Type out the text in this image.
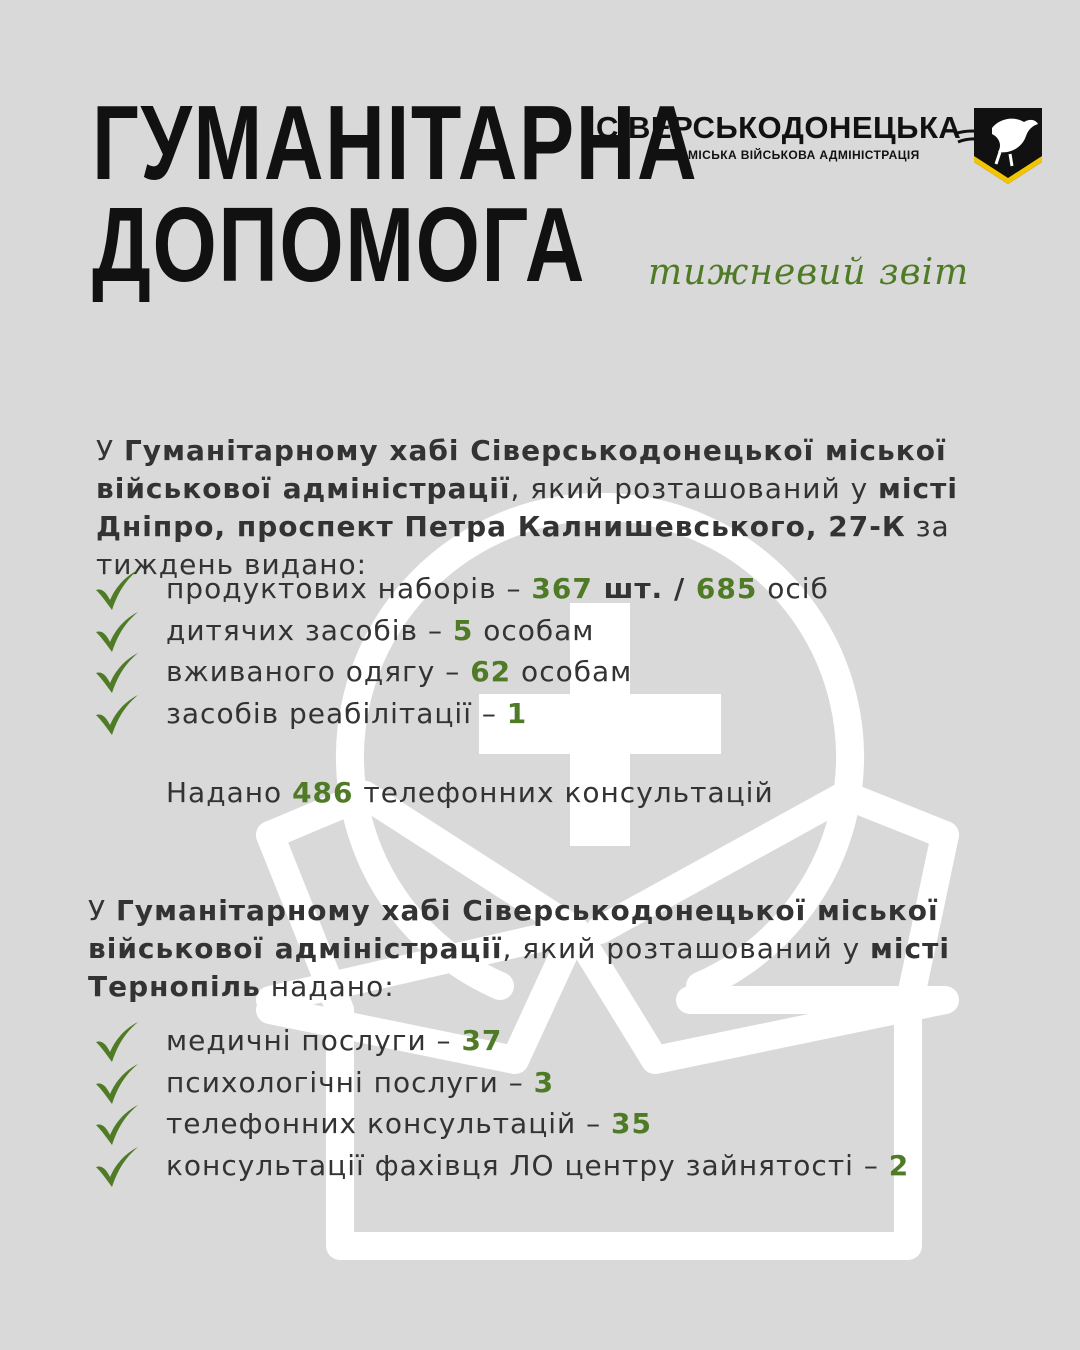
ГУМАНІТАРНА
ДОПОМОГА
СІВЕРСЬКОДОНЕЦЬКА
МІСЬКА ВІЙСЬКОВА АДМІНІСТРАЦІЯ
тижневий звіт

У Гуманітарному хабі Сіверськодонецької міської військової адміністрації, який розташований у місті Дніпро, проспект Петра Калнишевського, 27-К за тиждень видано:

продуктових наборів – 367 шт. / 685 осіб
дитячих засобів – 5 особам
вживаного одягу – 62 особам
засобів реабілітації – 1
Надано 486 телефонних консультацій

У Гуманітарному хабі Сіверськодонецької міської військової адміністрації, який розташований у місті Тернопіль надано:

медичні послуги – 37
психологічні послуги – 3
телефонних консультацій – 35
консультації фахівця ЛО центру зайнятості – 2
